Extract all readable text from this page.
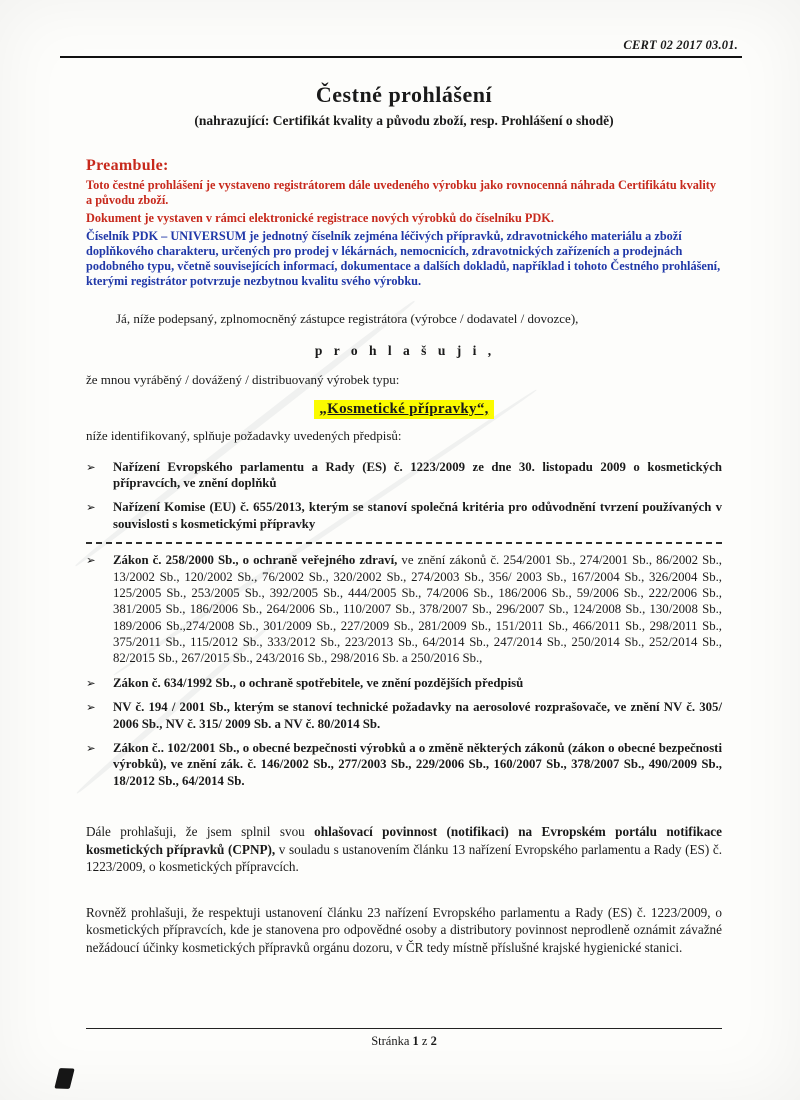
CERT 02 2017 03.01.
Čestné prohlášení
(nahrazující: Certifikát kvality a původu zboží, resp. Prohlášení o shodě)
Preambule:

Toto čestné prohlášení je vystaveno registrátorem dále uvedeného výrobku jako rovnocenná náhrada Certifikátu kvality a původu zboží.

Dokument je vystaven v rámci elektronické registrace nových výrobků do číselníku PDK.

Číselník PDK – UNIVERSUM je jednotný číselník zejména léčivých přípravků, zdravotnického materiálu a zboží doplňkového charakteru, určených pro prodej v lékárnách, nemocnicích, zdravotnických zařízeních a prodejnách podobného typu, včetně souvisejících informací, dokumentace a dalších dokladů, například i tohoto Čestného prohlášení, kterými registrátor potvrzuje nezbytnou kvalitu svého výrobku.

Já, níže podepsaný, zplnomocněný zástupce registrátora (výrobce / dodavatel / dovozce),

p r o h l a š u j i ,

že mnou vyráběný / dovážený / distribuovaný výrobek typu:

„Kosmetické přípravky“,

níže identifikovaný, splňuje požadavky uvedených předpisů:

➢	Nařízení Evropského parlamentu a Rady (ES) č. 1223/2009 ze dne 30. listopadu 2009 o kosmetických přípravcích, ve znění doplňků
➢	Nařízení Komise (EU) č. 655/2013, kterým se stanoví společná kritéria pro odůvodnění tvrzení používaných v souvislosti s kosmetickými přípravky
➢	Zákon č. 258/2000 Sb., o ochraně veřejného zdraví, ve znění zákonů č. 254/2001 Sb., 274/2001 Sb., 86/2002 Sb., 13/2002 Sb., 120/2002 Sb., 76/2002 Sb., 320/2002 Sb., 274/2003 Sb., 356/ 2003 Sb., 167/2004 Sb., 326/2004 Sb., 125/2005 Sb., 253/2005 Sb., 392/2005 Sb., 444/2005 Sb., 74/2006 Sb., 186/2006 Sb., 59/2006 Sb., 222/2006 Sb., 381/2005 Sb., 186/2006 Sb., 264/2006 Sb., 110/2007 Sb., 378/2007 Sb., 296/2007 Sb., 124/2008 Sb., 130/2008 Sb., 189/2006 Sb.,274/2008 Sb., 301/2009 Sb., 227/2009 Sb., 281/2009 Sb., 151/2011 Sb., 466/2011 Sb., 298/2011 Sb., 375/2011 Sb., 115/2012 Sb., 333/2012 Sb., 223/2013 Sb., 64/2014 Sb., 247/2014 Sb., 250/2014 Sb., 252/2014 Sb., 82/2015 Sb., 267/2015 Sb., 243/2016 Sb., 298/2016 Sb. a 250/2016 Sb.,
➢	Zákon č. 634/1992 Sb., o ochraně spotřebitele, ve znění pozdějších předpisů
➢	NV č. 194 / 2001 Sb., kterým se stanoví technické požadavky na aerosolové rozprašovače, ve znění NV č. 305/ 2006 Sb., NV č. 315/ 2009 Sb. a NV č. 80/2014 Sb.
➢	Zákon č.. 102/2001 Sb., o obecné bezpečnosti výrobků a o změně některých zákonů (zákon o obecné bezpečnosti výrobků), ve znění zák. č. 146/2002 Sb., 277/2003 Sb., 229/2006 Sb., 160/2007 Sb., 378/2007 Sb., 490/2009 Sb., 18/2012 Sb., 64/2014 Sb.

Dále prohlašuji, že jsem splnil svou ohlašovací povinnost (notifikaci) na Evropském portálu notifikace kosmetických přípravků (CPNP), v souladu s ustanovením článku 13 nařízení Evropského parlamentu a Rady (ES) č. 1223/2009, o kosmetických přípravcích.

Rovněž prohlašuji, že respektuji ustanovení článku 23 nařízení Evropského parlamentu a Rady (ES) č. 1223/2009, o kosmetických přípravcích, kde je stanovena pro odpovědné osoby a distributory povinnost neprodleně oznámit závažné nežádoucí účinky kosmetických přípravků orgánu dozoru, v ČR tedy místně příslušné krajské hygienické stanici.

Stránka 1 z 2
